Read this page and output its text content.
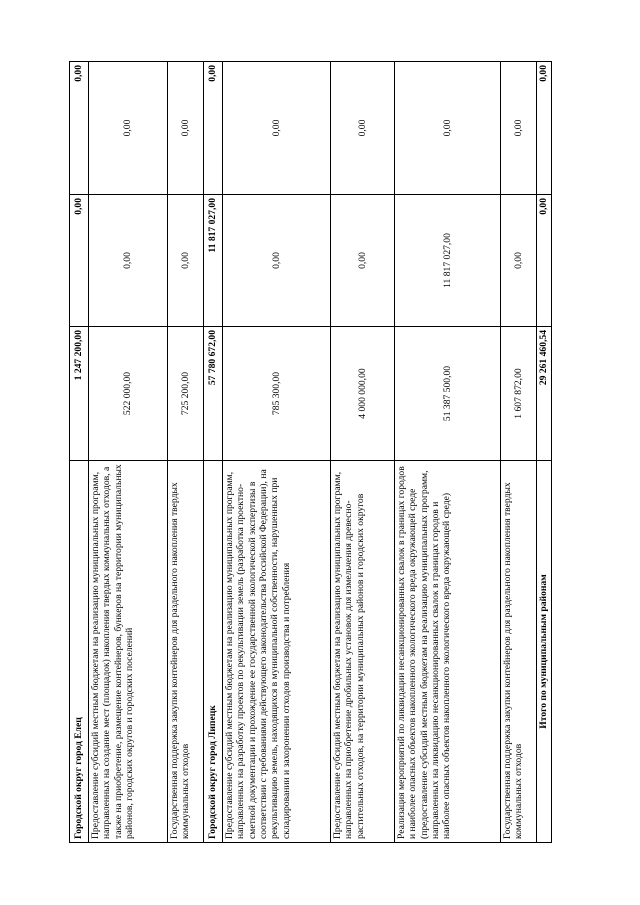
Городской округ город Елец	1 247 200,00	0,00	0,00
Предоставление субсидий местным бюджетам на реализацию муниципальных программ, направленных на создание мест (площадок) накопления твердых коммунальных отходов, а также на приобретение, размещение контейнеров, бункеров на территории муниципальных районов, городских округов и городских поселений	522 000,00	0,00	0,00
Государственная поддержка закупки контейнеров для раздельного накопления твердых коммунальных отходов	725 200,00	0,00	0,00
Городской округ город Липецк	57 780 672,00	11 817 027,00	0,00
Предоставление субсидий местным бюджетам на реализацию муниципальных программ, направленных на разработку проектов по рекультивации земель (разработка проектно-сметной документации и прохождение ее государственной экологической экспертизы в соответствии с требованиями действующего законодательства Российской Федерации), на рекультивацию земель, находящихся в муниципальной собственности, нарушенных при складировании и захоронении отходов производства и потребления	785 300,00	0,00	0,00
Предоставление субсидий местным бюджетам на реализацию муниципальных программ, направленных на приобретение дробильных установок для измельчения древесно-растительных отходов, на территории муниципальных районов и городских округов	4 000 000,00	0,00	0,00
Реализация мероприятий по ликвидации несанкционированных свалок в границах городов и наиболее опасных объектов накопленного экологического вреда окружающей среде (предоставление субсидий местным бюджетам на реализацию муниципальных программ, направленных на ликвидацию несанкционированных свалок в границах городов и наиболее опасных объектов накопленного экологического вреда окружающей среде)	51 387 500,00	11 817 027,00	0,00
Государственная поддержка закупки контейнеров для раздельного накопления твердых коммунальных отходов	1 607 872,00	0,00	0,00
Итого по муниципальным районам	29 261 460,54	0,00	0,00
